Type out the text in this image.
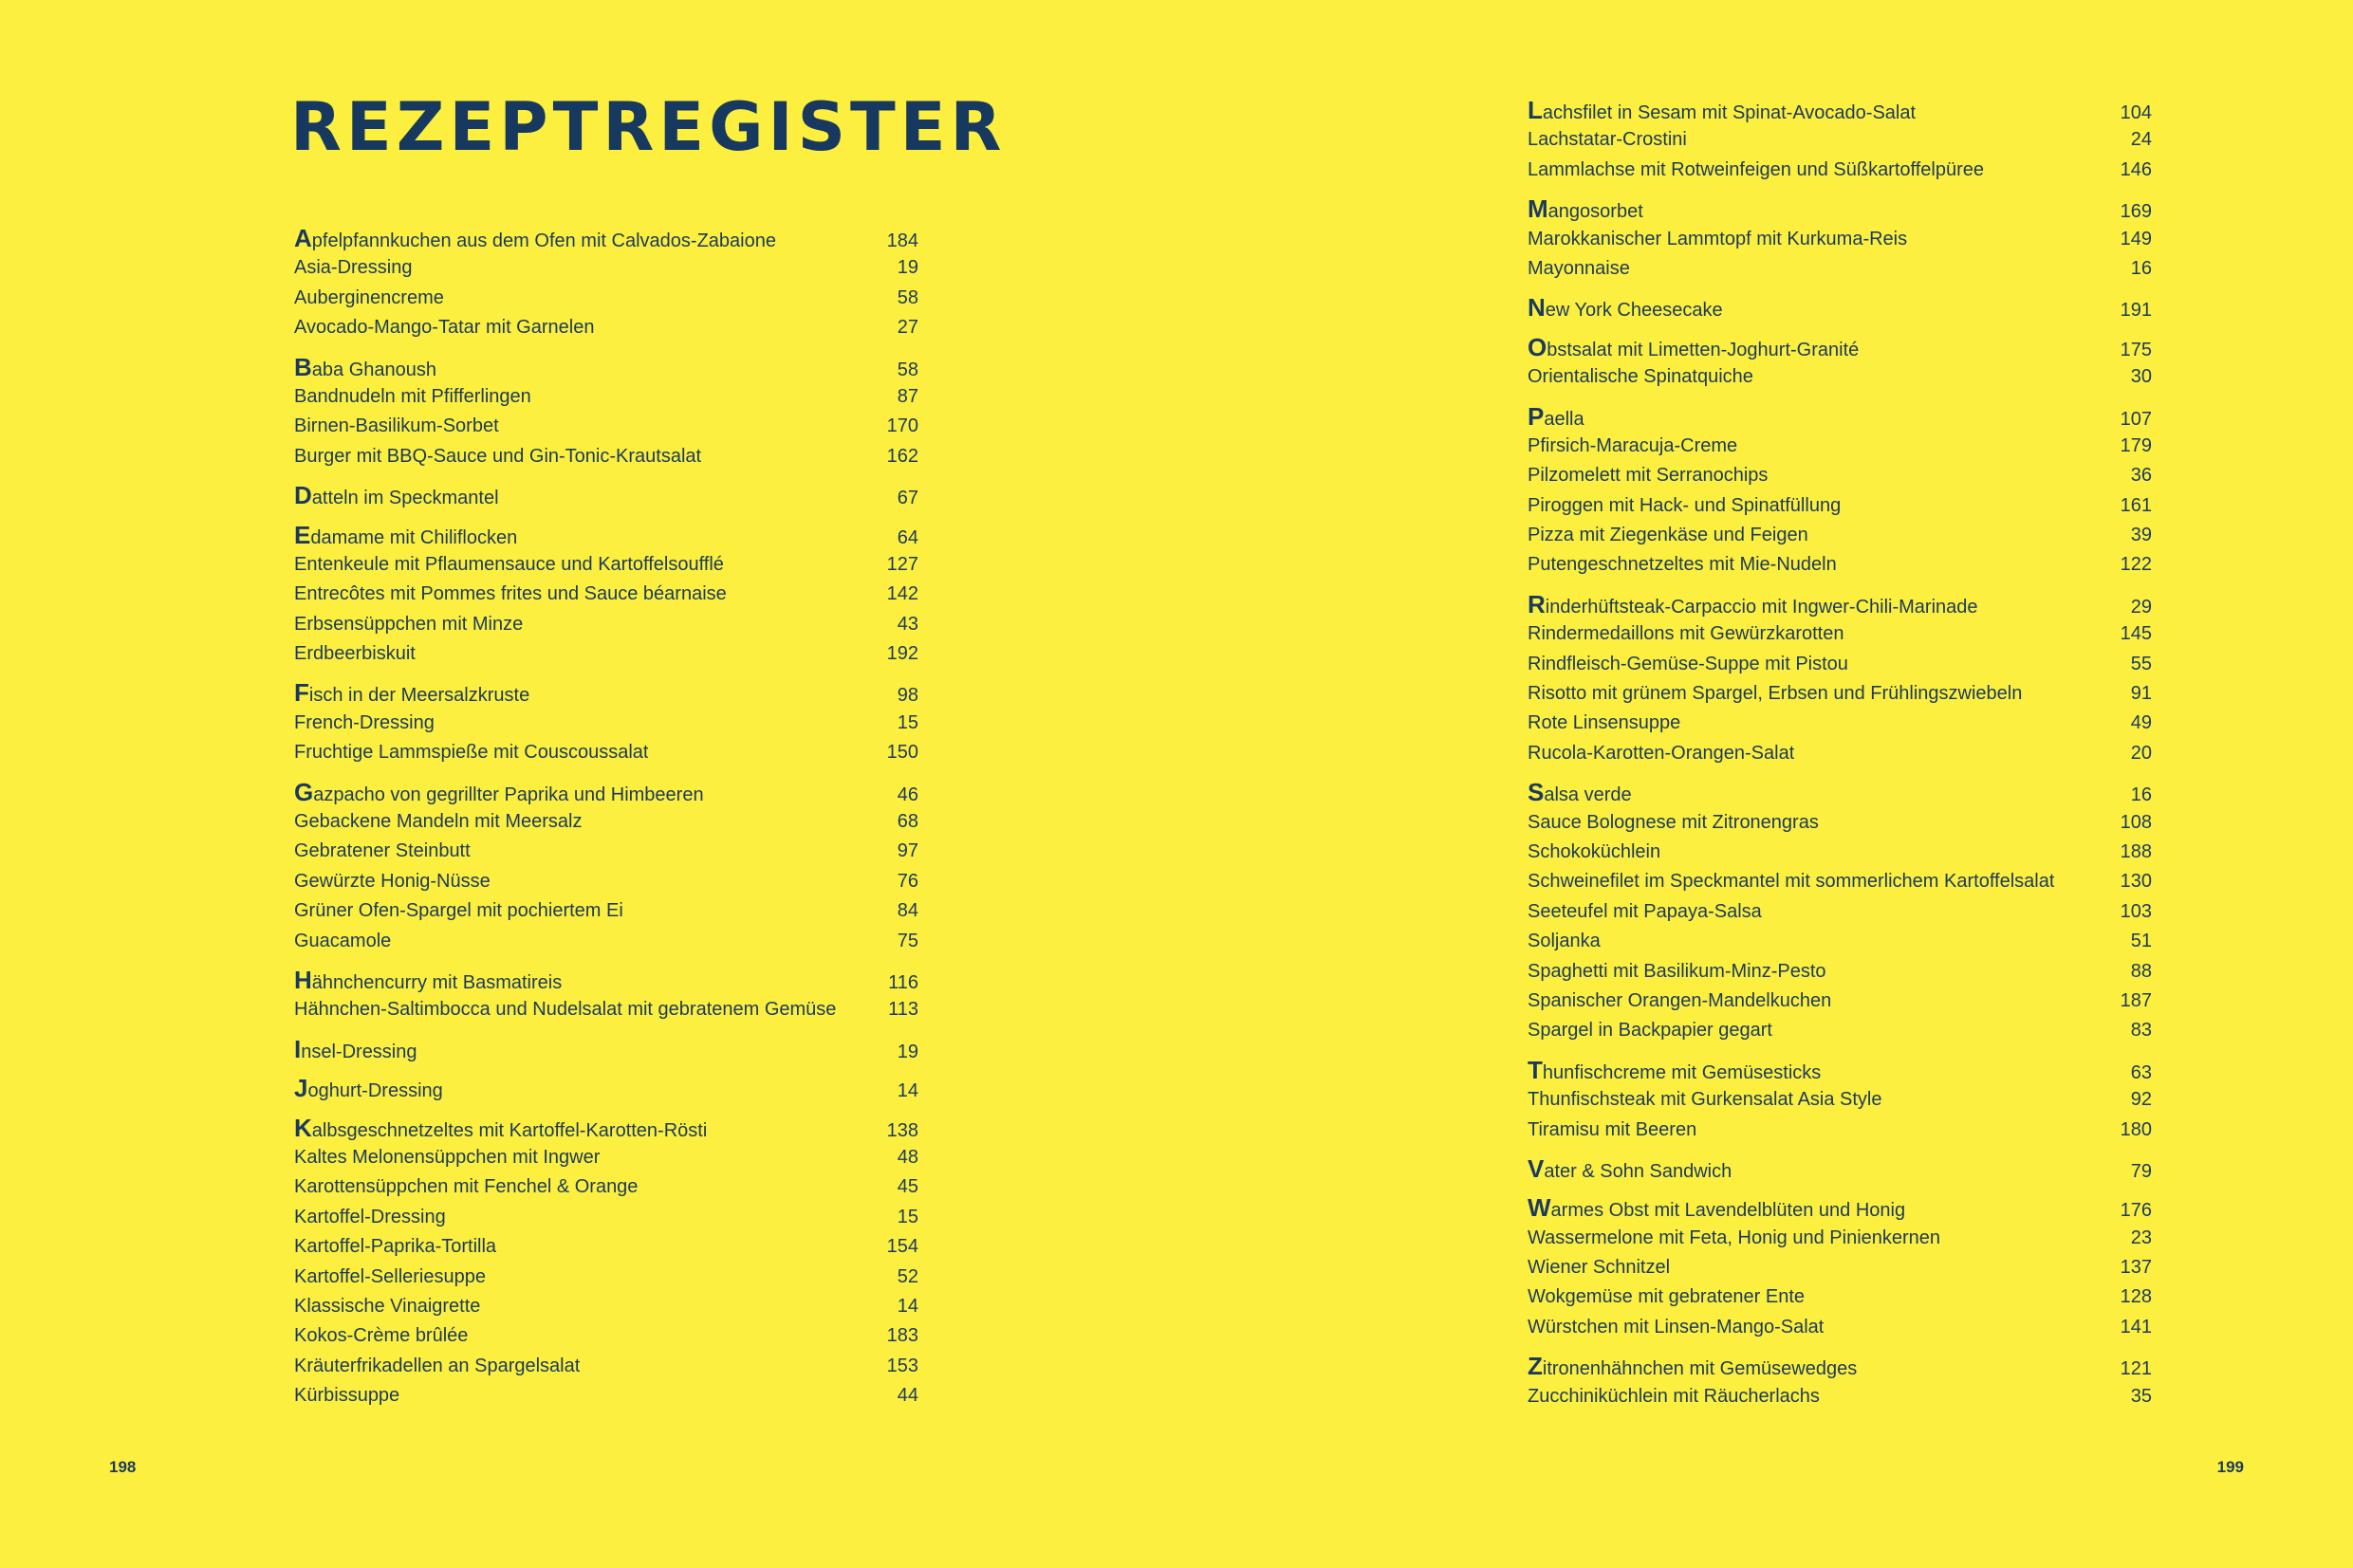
REZEPTREGISTER
Apfelpfannkuchen aus dem Ofen mit Calvados-Zabaione	184
Asia-Dressing	19
Auberginencreme	58
Avocado-Mango-Tatar mit Garnelen	27
Baba Ghanoush	58
Bandnudeln mit Pfifferlingen	87
Birnen-Basilikum-Sorbet	170
Burger mit BBQ-Sauce und Gin-Tonic-Krautsalat	162
Datteln im Speckmantel	67
Edamame mit Chiliflocken	64
Entenkeule mit Pflaumensauce und Kartoffelsoufflé	127
Entrecôtes mit Pommes frites und Sauce béarnaise	142
Erbsensüppchen mit Minze	43
Erdbeerbiskuit	192
Fisch in der Meersalzkruste	98
French-Dressing	15
Fruchtige Lammspieße mit Couscoussalat	150
Gazpacho von gegrillter Paprika und Himbeeren	46
Gebackene Mandeln mit Meersalz	68
Gebratener Steinbutt	97
Gewürzte Honig-Nüsse	76
Grüner Ofen-Spargel mit pochiertem Ei	84
Guacamole	75
Hähnchencurry mit Basmatireis	116
Hähnchen-Saltimbocca und Nudelsalat mit gebratenem Gemüse	113
Insel-Dressing	19
Joghurt-Dressing	14
Kalbsgeschnetzeltes mit Kartoffel-Karotten-Rösti	138
Kaltes Melonensüppchen mit Ingwer	48
Karottensüppchen mit Fenchel & Orange	45
Kartoffel-Dressing	15
Kartoffel-Paprika-Tortilla	154
Kartoffel-Selleriesuppe	52
Klassische Vinaigrette	14
Kokos-Crème brûlée	183
Kräuterfrikadellen an Spargelsalat	153
Kürbissuppe	44
198
Lachsfilet in Sesam mit Spinat-Avocado-Salat	104
Lachstatar-Crostini	24
Lammlachse mit Rotweinfeigen und Süßkartoffelpüree	146
Mangosorbet	169
Marokkanischer Lammtopf mit Kurkuma-Reis	149
Mayonnaise	16
New York Cheesecake	191
Obstsalat mit Limetten-Joghurt-Granité	175
Orientalische Spinatquiche	30
Paella	107
Pfirsich-Maracuja-Creme	179
Pilzomelett mit Serranochips	36
Piroggen mit Hack- und Spinatfüllung	161
Pizza mit Ziegenkäse und Feigen	39
Putengeschnetzeltes mit Mie-Nudeln	122
Rinderhüftsteak-Carpaccio mit Ingwer-Chili-Marinade	29
Rindermedaillons mit Gewürzkarotten	145
Rindfleisch-Gemüse-Suppe mit Pistou	55
Risotto mit grünem Spargel, Erbsen und Frühlingszwiebeln	91
Rote Linsensuppe	49
Rucola-Karotten-Orangen-Salat	20
Salsa verde	16
Sauce Bolognese mit Zitronengras	108
Schokoküchlein	188
Schweinefilet im Speckmantel mit sommerlichem Kartoffelsalat	130
Seeteufel mit Papaya-Salsa	103
Soljanka	51
Spaghetti mit Basilikum-Minz-Pesto	88
Spanischer Orangen-Mandelkuchen	187
Spargel in Backpapier gegart	83
Thunfischcreme mit Gemüsesticks	63
Thunfischsteak mit Gurkensalat Asia Style	92
Tiramisu mit Beeren	180
Vater & Sohn Sandwich	79
Warmes Obst mit Lavendelblüten und Honig	176
Wassermelone mit Feta, Honig und Pinienkernen	23
Wiener Schnitzel	137
Wokgemüse mit gebratener Ente	128
Würstchen mit Linsen-Mango-Salat	141
Zitronenhähnchen mit Gemüsewedges	121
Zucchiniküchlein mit Räucherlachs	35
199
